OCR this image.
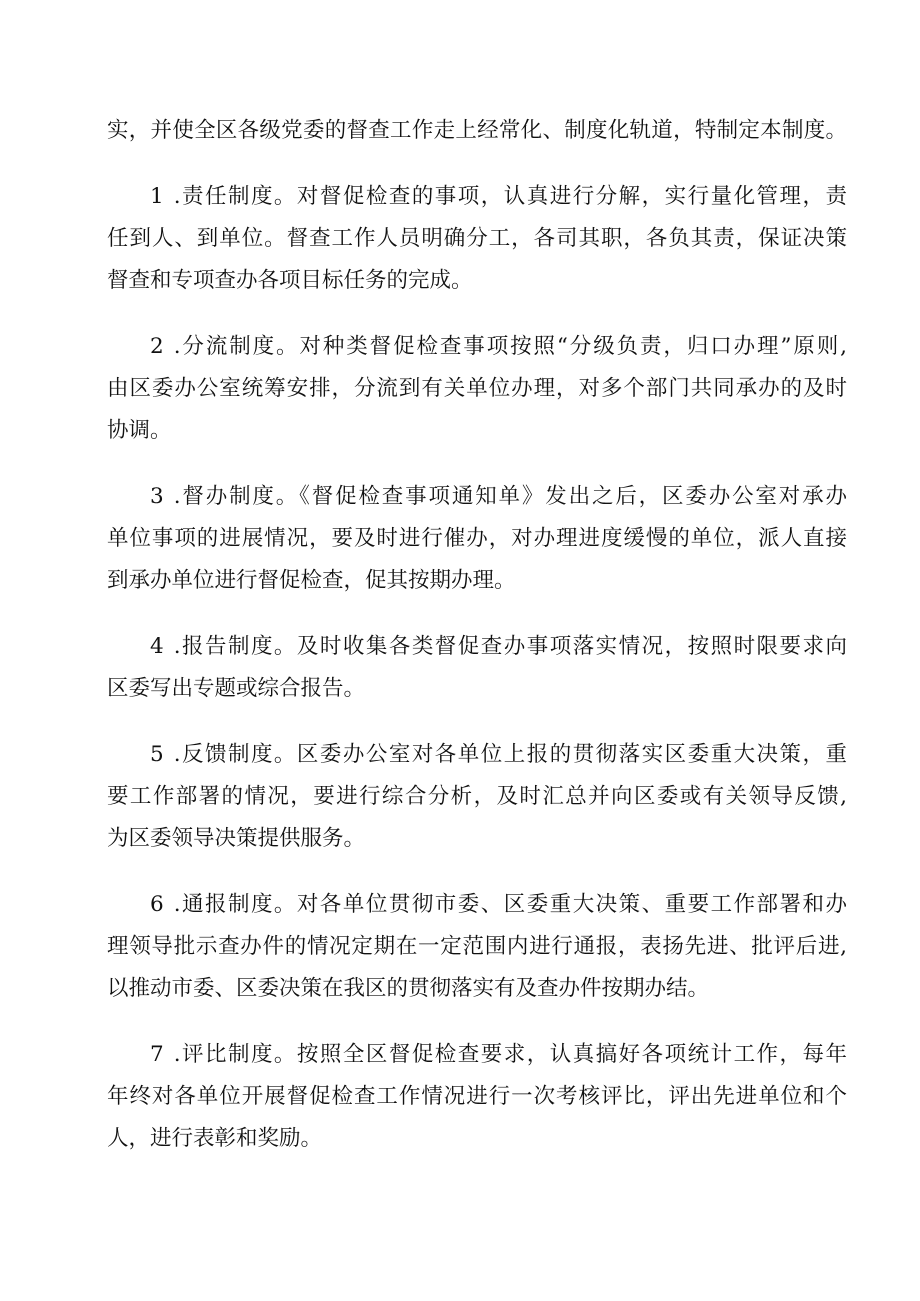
实，并使全区各级党委的督查工作走上经常化、制度化轨道，特制定本制度。
1 .责任制度。对督促检查的事项，认真进行分解，实行量化管理，责
任到人、到单位。督查工作人员明确分工，各司其职，各负其责，保证决策
督查和专项查办各项目标任务的完成。
2 .分流制度。对种类督促检查事项按照“分级负责，归口办理”原则,
由区委办公室统筹安排，分流到有关单位办理，对多个部门共同承办的及时
协调。
3 .督办制度。《督促检查事项通知单》发出之后，区委办公室对承办
单位事项的进展情况，要及时进行催办，对办理进度缓慢的单位，派人直接
到承办单位进行督促检查，促其按期办理。
4 .报告制度。及时收集各类督促查办事项落实情况，按照时限要求向
区委写出专题或综合报告。
5 .反馈制度。区委办公室对各单位上报的贯彻落实区委重大决策，重
要工作部署的情况，要进行综合分析，及时汇总并向区委或有关领导反馈,
为区委领导决策提供服务。
6 .通报制度。对各单位贯彻市委、区委重大决策、重要工作部署和办
理领导批示查办件的情况定期在一定范围内进行通报，表扬先进、批评后进,
以推动市委、区委决策在我区的贯彻落实有及查办件按期办结。
7 .评比制度。按照全区督促检查要求，认真搞好各项统计工作，每年
年终对各单位开展督促检查工作情况进行一次考核评比，评出先进单位和个
人，进行表彰和奖励。
